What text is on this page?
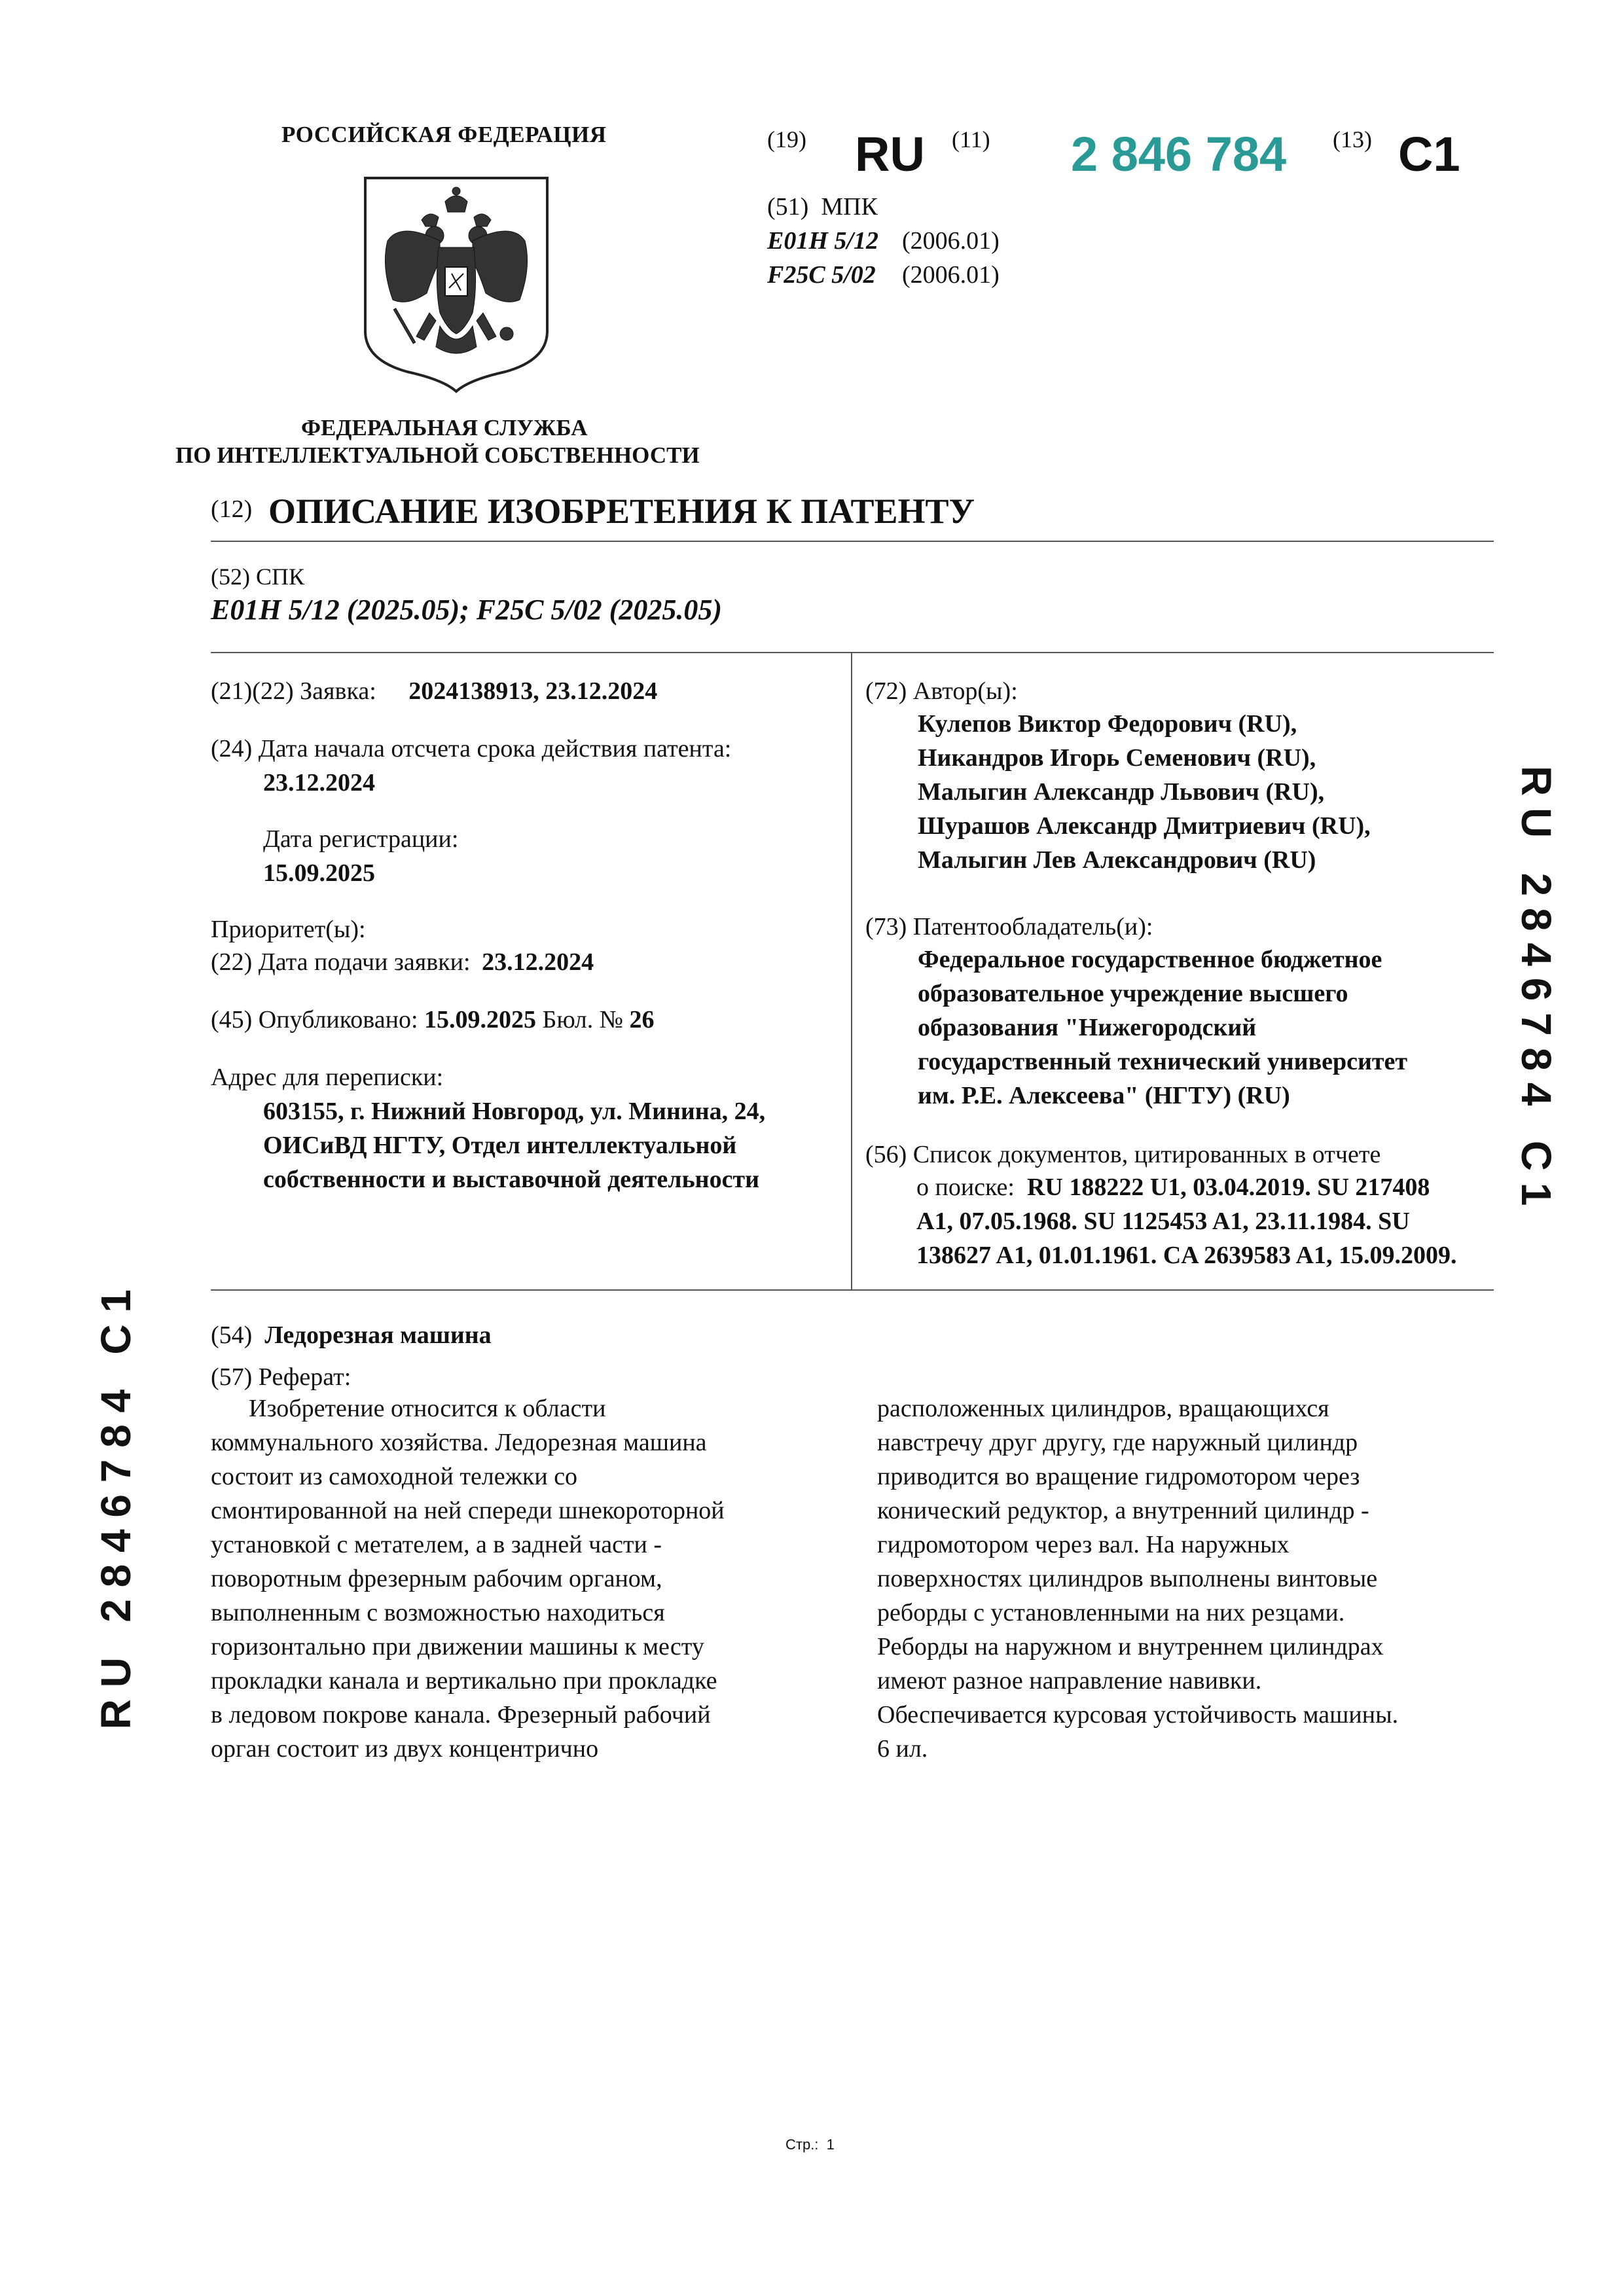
РОССИЙСКАЯ ФЕДЕРАЦИЯ
ФЕДЕРАЛЬНАЯ СЛУЖБА
ПО ИНТЕЛЛЕКТУАЛЬНОЙ СОБСТВЕННОСТИ
(19) RU (11) 2 846 784 (13) C1
(51) МПК
E01H 5/12 (2006.01)
F25C 5/02 (2006.01)
(12) ОПИСАНИЕ ИЗОБРЕТЕНИЯ К ПАТЕНТУ
(52) СПК
E01H 5/12 (2025.05); F25C 5/02 (2025.05)
(21)(22) Заявка: 2024138913, 23.12.2024
(24) Дата начала отсчета срока действия патента:
23.12.2024
Дата регистрации:
15.09.2025
Приоритет(ы):
(22) Дата подачи заявки: 23.12.2024
(45) Опубликовано: 15.09.2025 Бюл. № 26
Адрес для переписки:
603155, г. Нижний Новгород, ул. Минина, 24,
ОИСиВД НГТУ, Отдел интеллектуальной
собственности и выставочной деятельности
(72) Автор(ы):
Кулепов Виктор Федорович (RU),
Никандров Игорь Семенович (RU),
Малыгин Александр Львович (RU),
Шурашов Александр Дмитриевич (RU),
Малыгин Лев Александрович (RU)
(73) Патентообладатель(и):
Федеральное государственное бюджетное
образовательное учреждение высшего
образования "Нижегородский
государственный технический университет
им. Р.Е. Алексеева" (НГТУ) (RU)
(56) Список документов, цитированных в отчете
о поиске: RU 188222 U1, 03.04.2019. SU 217408
A1, 07.05.1968. SU 1125453 A1, 23.11.1984. SU
138627 A1, 01.01.1961. CA 2639583 A1, 15.09.2009.
(54) Ледорезная машина
(57) Реферат:
Изобретение относится к области
коммунального хозяйства. Ледорезная машина
состоит из самоходной тележки со
смонтированной на ней спереди шнекороторной
установкой с метателем, а в задней части -
поворотным фрезерным рабочим органом,
выполненным с возможностью находиться
горизонтально при движении машины к месту
прокладки канала и вертикально при прокладке
в ледовом покрове канала. Фрезерный рабочий
орган состоит из двух концентрично
расположенных цилиндров, вращающихся
навстречу друг другу, где наружный цилиндр
приводится во вращение гидромотором через
конический редуктор, а внутренний цилиндр -
гидромотором через вал. На наружных
поверхностях цилиндров выполнены винтовые
реборды с установленными на них резцами.
Реборды на наружном и внутреннем цилиндрах
имеют разное направление навивки.
Обеспечивается курсовая устойчивость машины.
6 ил.
R U   2 8 4 6 7 8 4   C 1
R U   2 8 4 6 7 8 4   C 1
Стр.: 1
